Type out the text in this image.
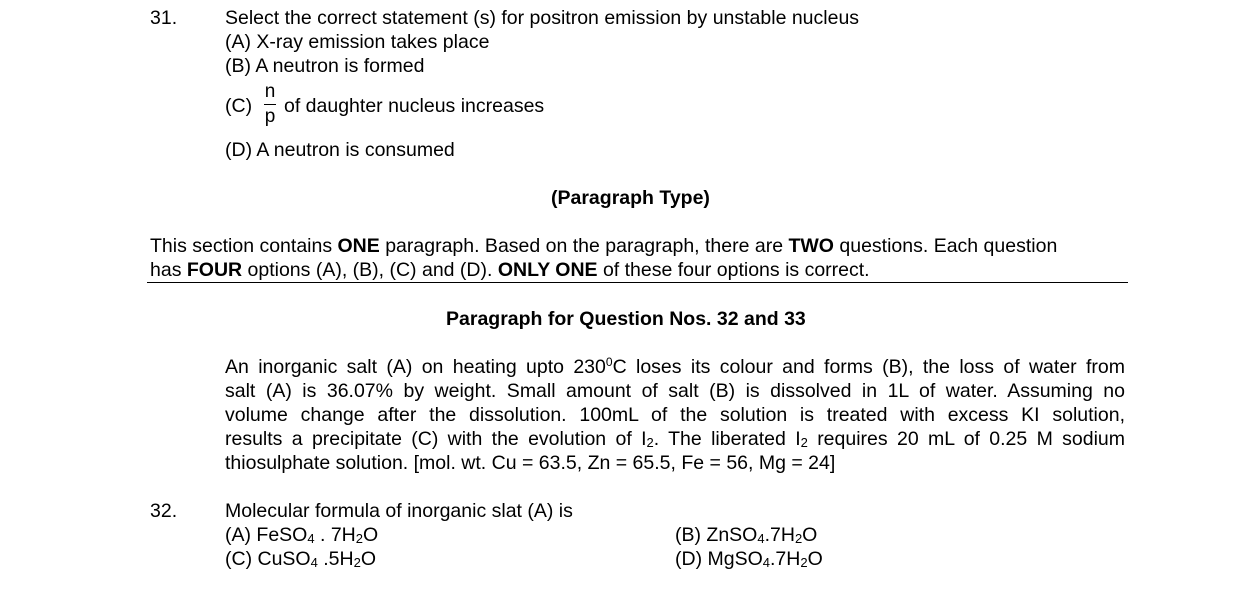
31. Select the correct statement (s) for positron emission by unstable nucleus
(A) X-ray emission takes place
(B) A neutron is formed
(C)
n
p of daughter nucleus increases
(D) A neutron is consumed
(Paragraph Type)
This section contains ONE paragraph. Based on the paragraph, there are TWO questions. Each question
has FOUR options (A), (B), (C) and (D). ONLY ONE of these four options is correct.
Paragraph for Question Nos. 32 and 33
An inorganic salt (A) on heating upto $230^0C$ loses its colour and forms (B), the loss of water from
salt (A) is 36.07% by weight. Small amount of salt (B) is dissolved in 1L of water. Assuming no
volume change after the dissolution. 100mL of the solution is treated with excess KI solution,
results a precipitate (C) with the evolution of $I_2$. The liberated $I_2$ requires 20 mL of 0.25 M sodium
thiosulphate solution. [mol. wt. Cu = 63.5, Zn = 65.5, Fe = 56, Mg = 24]
32. Molecular formula of inorganic slat (A) is
(A) FeSO$_4$ . $7H_2O$	(B) $ZnSO_4.7H_2O$
(C) CuSO$_4$ $.5H_2O$	(D) $MgSO_4.7H_2O$
